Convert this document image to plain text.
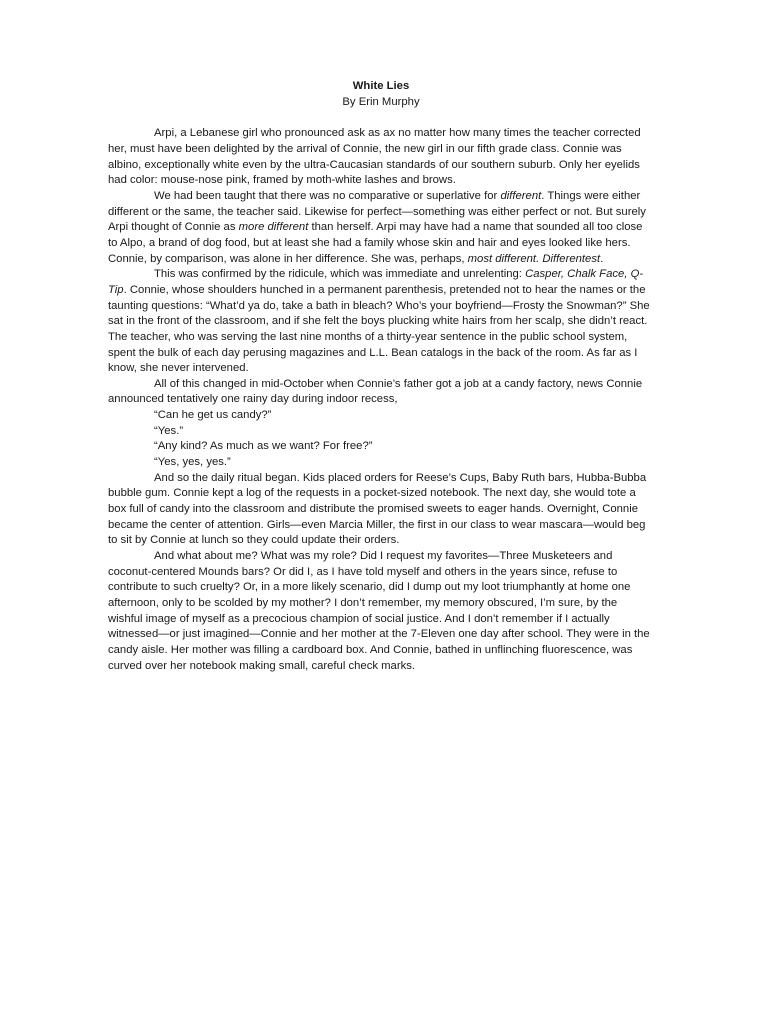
White Lies
By Erin Murphy

Arpi, a Lebanese girl who pronounced ask as ax no matter how many times the teacher corrected her, must have been delighted by the arrival of Connie, the new girl in our fifth grade class. Connie was albino, exceptionally white even by the ultra-Caucasian standards of our southern suburb. Only her eyelids had color: mouse-nose pink, framed by moth-white lashes and brows.

We had been taught that there was no comparative or superlative for different. Things were either different or the same, the teacher said. Likewise for perfect—something was either perfect or not. But surely Arpi thought of Connie as more different than herself. Arpi may have had a name that sounded all too close to Alpo, a brand of dog food, but at least she had a family whose skin and hair and eyes looked like hers. Connie, by comparison, was alone in her difference. She was, perhaps, most different. Differentest.

This was confirmed by the ridicule, which was immediate and unrelenting: Casper, Chalk Face, Q-Tip. Connie, whose shoulders hunched in a permanent parenthesis, pretended not to hear the names or the taunting questions: “What’d ya do, take a bath in bleach? Who’s your boyfriend—Frosty the Snowman?” She sat in the front of the classroom, and if she felt the boys plucking white hairs from her scalp, she didn’t react. The teacher, who was serving the last nine months of a thirty-year sentence in the public school system, spent the bulk of each day perusing magazines and L.L. Bean catalogs in the back of the room. As far as I know, she never intervened.

All of this changed in mid-October when Connie’s father got a job at a candy factory, news Connie announced tentatively one rainy day during indoor recess,

“Can he get us candy?”

“Yes.”

“Any kind? As much as we want? For free?”

“Yes, yes, yes.”

And so the daily ritual began. Kids placed orders for Reese’s Cups, Baby Ruth bars, Hubba-Bubba bubble gum. Connie kept a log of the requests in a pocket-sized notebook. The next day, she would tote a box full of candy into the classroom and distribute the promised sweets to eager hands. Overnight, Connie became the center of attention. Girls—even Marcia Miller, the first in our class to wear mascara—would beg to sit by Connie at lunch so they could update their orders.

And what about me? What was my role? Did I request my favorites—Three Musketeers and coconut-centered Mounds bars? Or did I, as I have told myself and others in the years since, refuse to contribute to such cruelty? Or, in a more likely scenario, did I dump out my loot triumphantly at home one afternoon, only to be scolded by my mother? I don’t remember, my memory obscured, I’m sure, by the wishful image of myself as a precocious champion of social justice. And I don’t remember if I actually witnessed—or just imagined—Connie and her mother at the 7-Eleven one day after school. They were in the candy aisle. Her mother was filling a cardboard box. And Connie, bathed in unflinching fluorescence, was curved over her notebook making small, careful check marks.
